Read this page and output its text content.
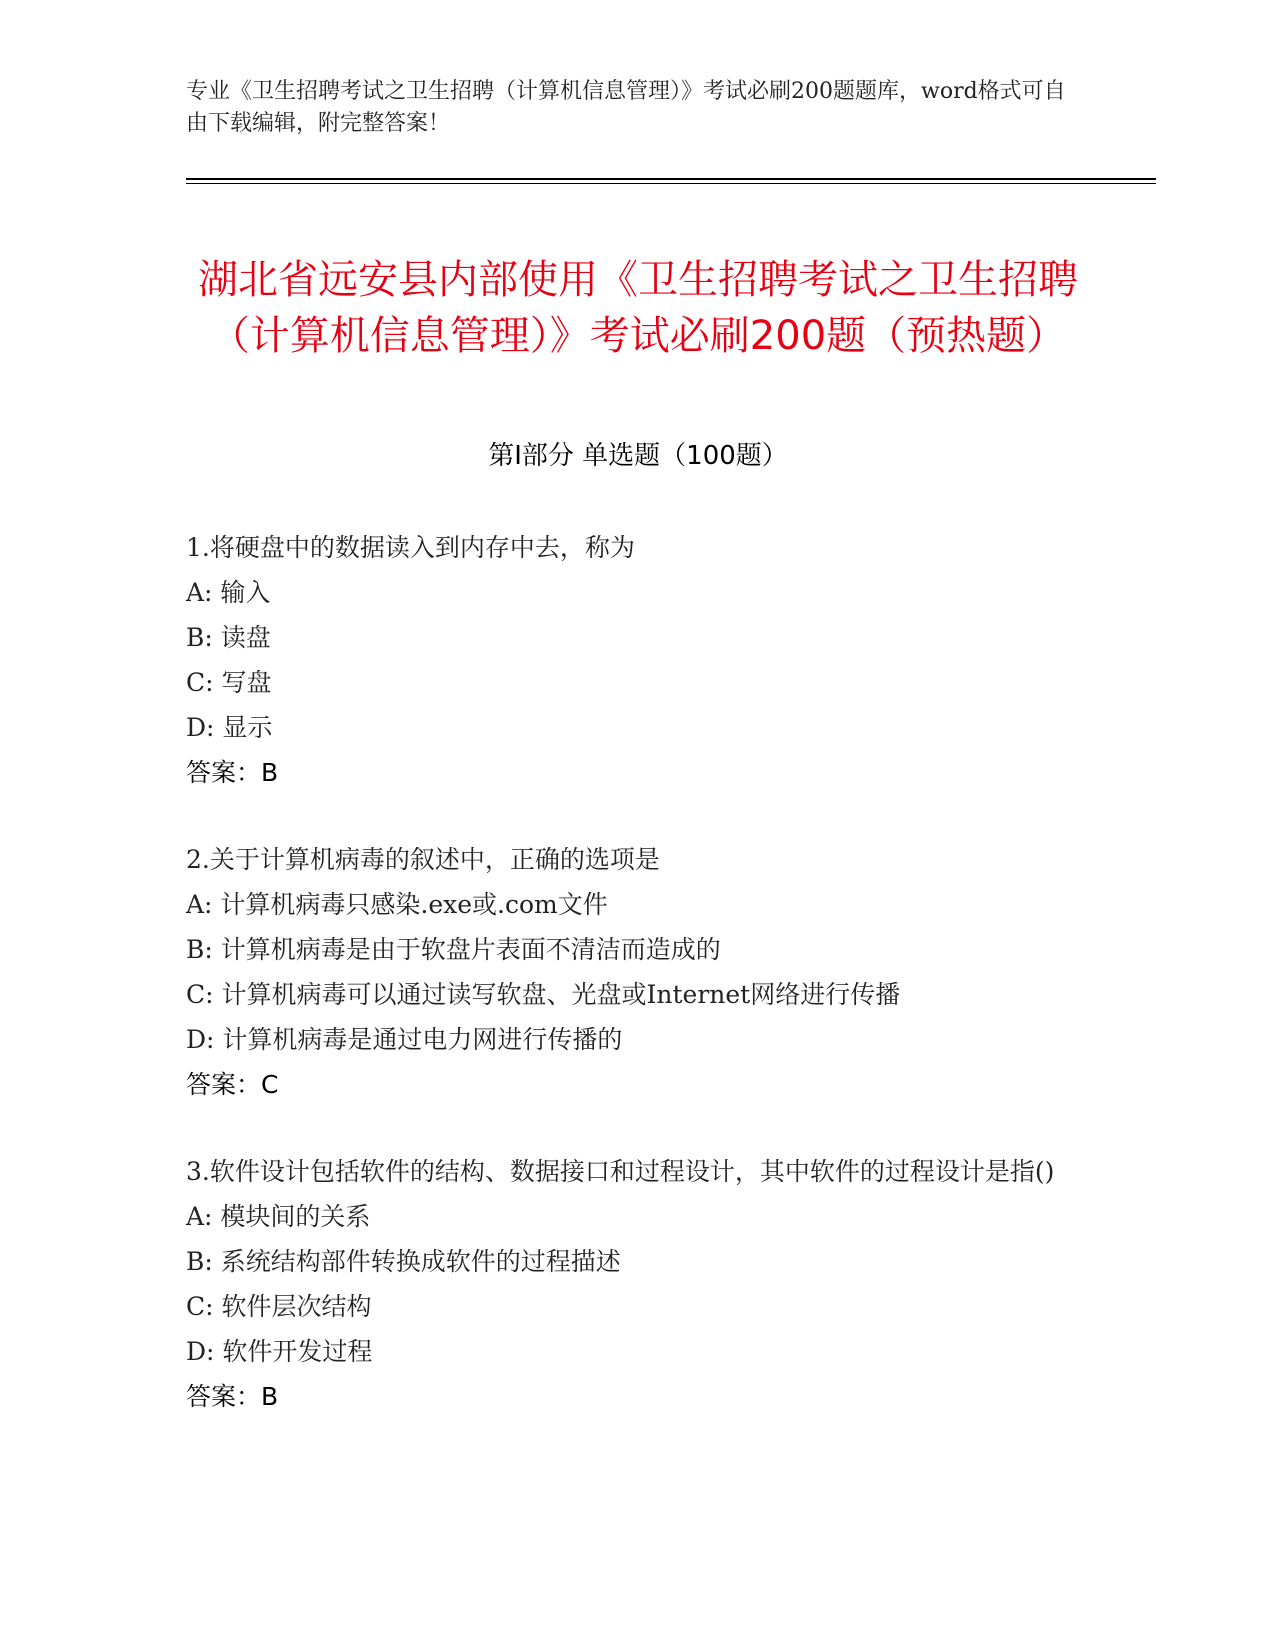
专业《卫生招聘考试之卫生招聘（计算机信息管理）》考试必刷200题题库，word格式可自由下载编辑，附完整答案！
湖北省远安县内部使用《卫生招聘考试之卫生招聘（计算机信息管理）》考试必刷200题（预热题）
第Ⅰ部分 单选题（100题）

1.将硬盘中的数据读入到内存中去，称为

A: 输入

B: 读盘

C: 写盘

D: 显示

答案：B

2.关于计算机病毒的叙述中，正确的选项是

A: 计算机病毒只感染.exe或.com文件

B: 计算机病毒是由于软盘片表面不清洁而造成的

C: 计算机病毒可以通过读写软盘、光盘或Internet网络进行传播

D: 计算机病毒是通过电力网进行传播的

答案：C

3.软件设计包括软件的结构、数据接口和过程设计，其中软件的过程设计是指()

A: 模块间的关系

B: 系统结构部件转换成软件的过程描述

C: 软件层次结构

D: 软件开发过程

答案：B
